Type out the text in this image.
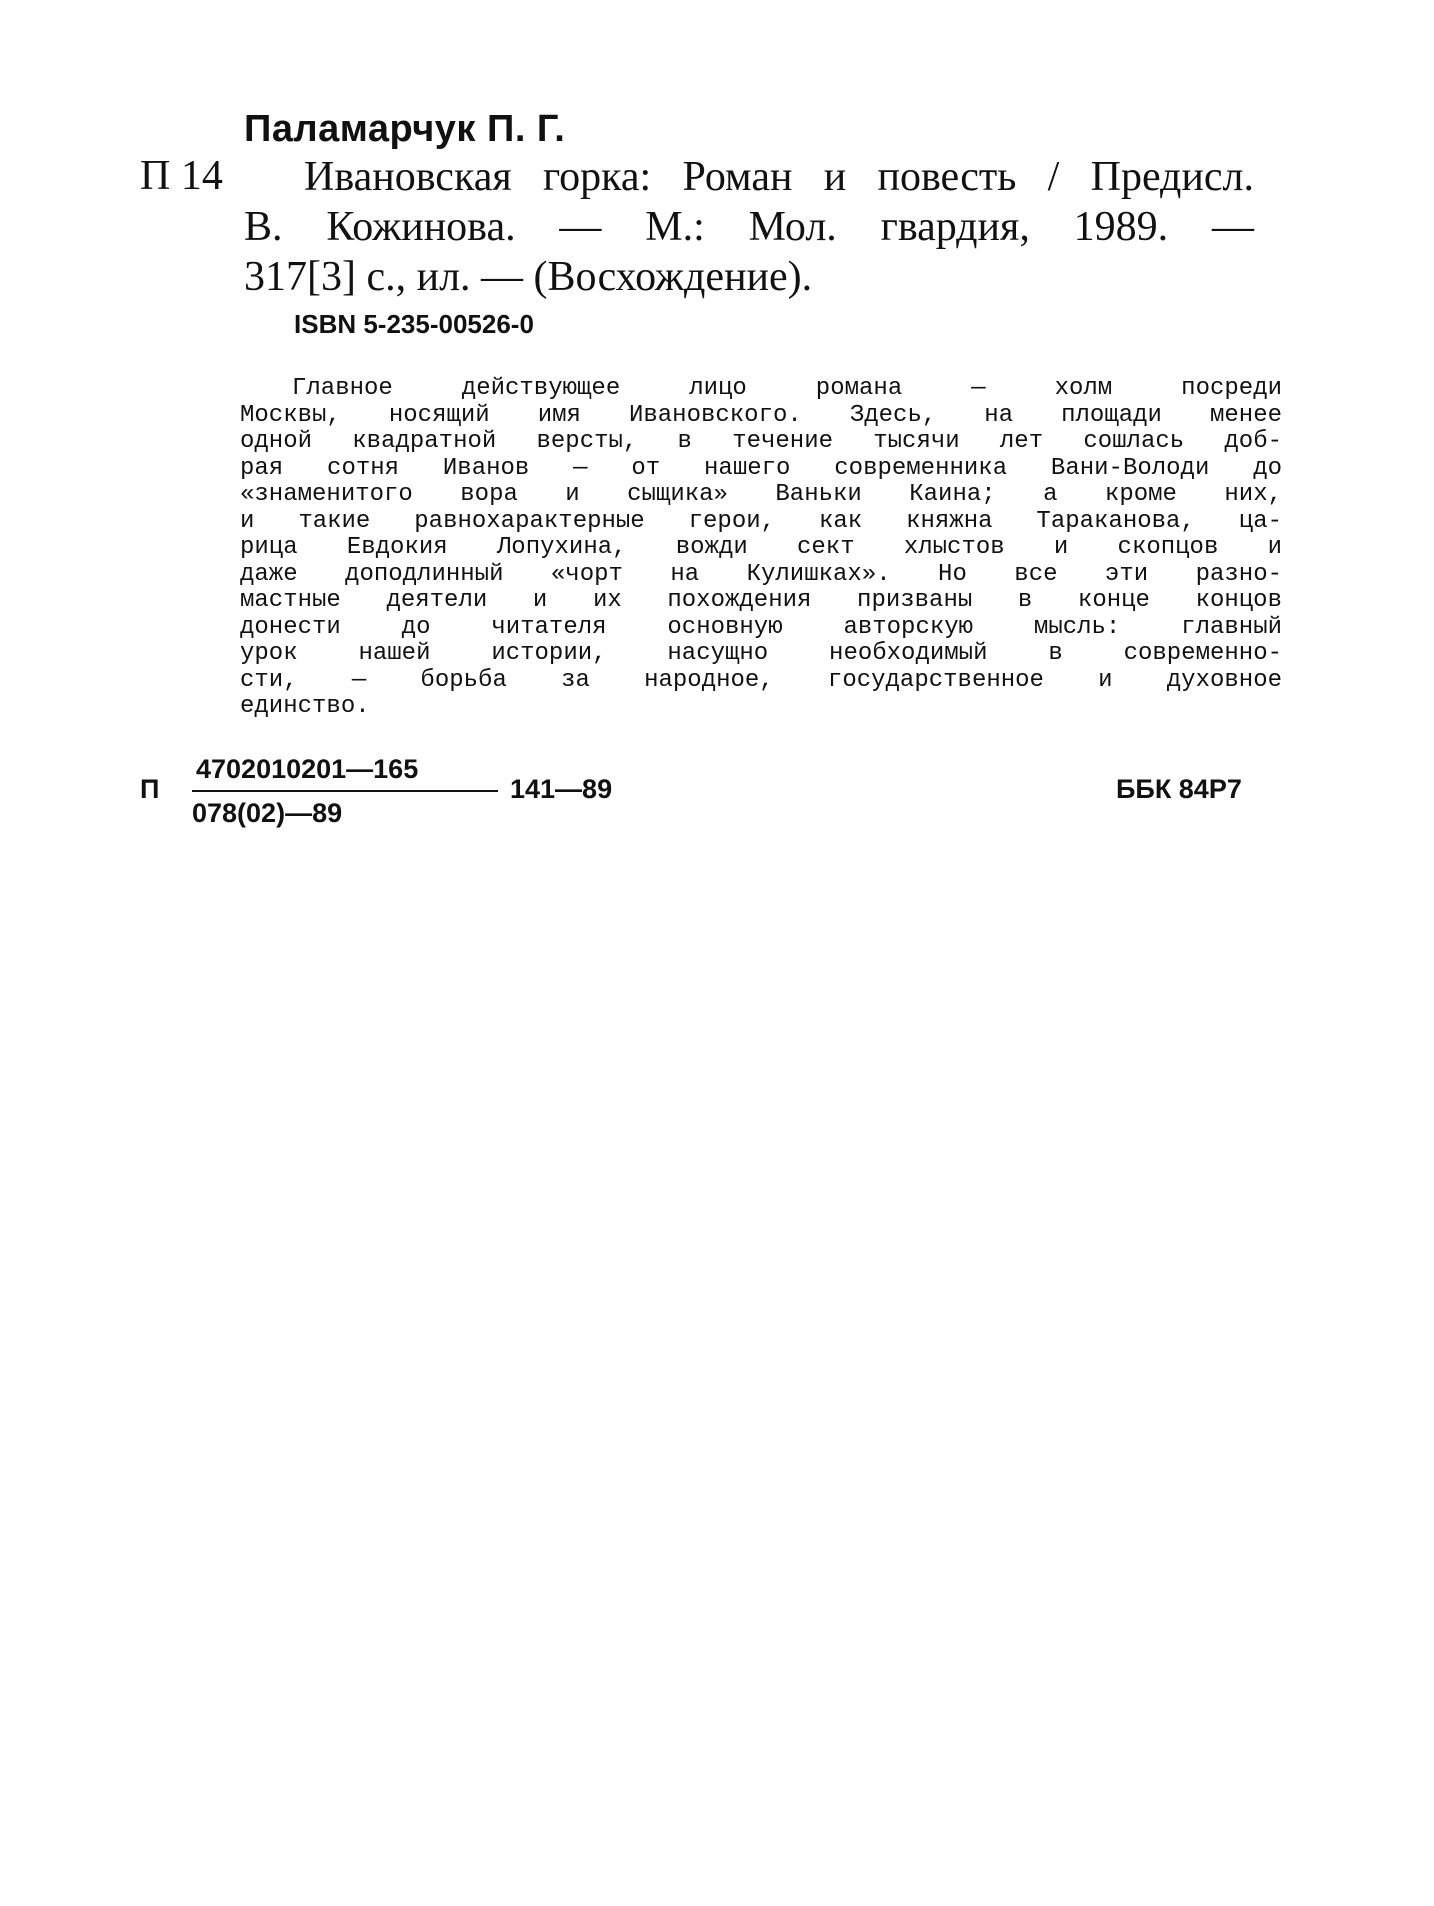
Паламарчук П. Г.
П 14	Ивановская горка: Роман и повесть / Предисл.
В. Кожинова. — М.: Мол. гвардия, 1989. —
317[3] с., ил. — (Восхождение).
ISBN 5-235-00526-0
Главное действующее лицо романа — холм посреди
Москвы, носящий имя Ивановского. Здесь, на площади менее
одной квадратной версты, в течение тысячи лет сошлась доб-
рая сотня Иванов — от нашего современника Вани-Володи до
«знаменитого вора и сыщика» Ваньки Каина; а кроме них,
и такие равнохарактерные герои, как княжна Тараканова, ца-
рица Евдокия Лопухина, вожди сект хлыстов и скопцов и
даже доподлинный «чорт на Кулишках». Но все эти разно-
мастные деятели и их похождения призваны в конце концов
донести до читателя основную авторскую мысль: главный
урок нашей истории, насущно необходимый в современно-
сти, — борьба за народное, государственное и духовное
единство.
П
4702010201—165
078(02)—89
141—89	ББК 84Р7
